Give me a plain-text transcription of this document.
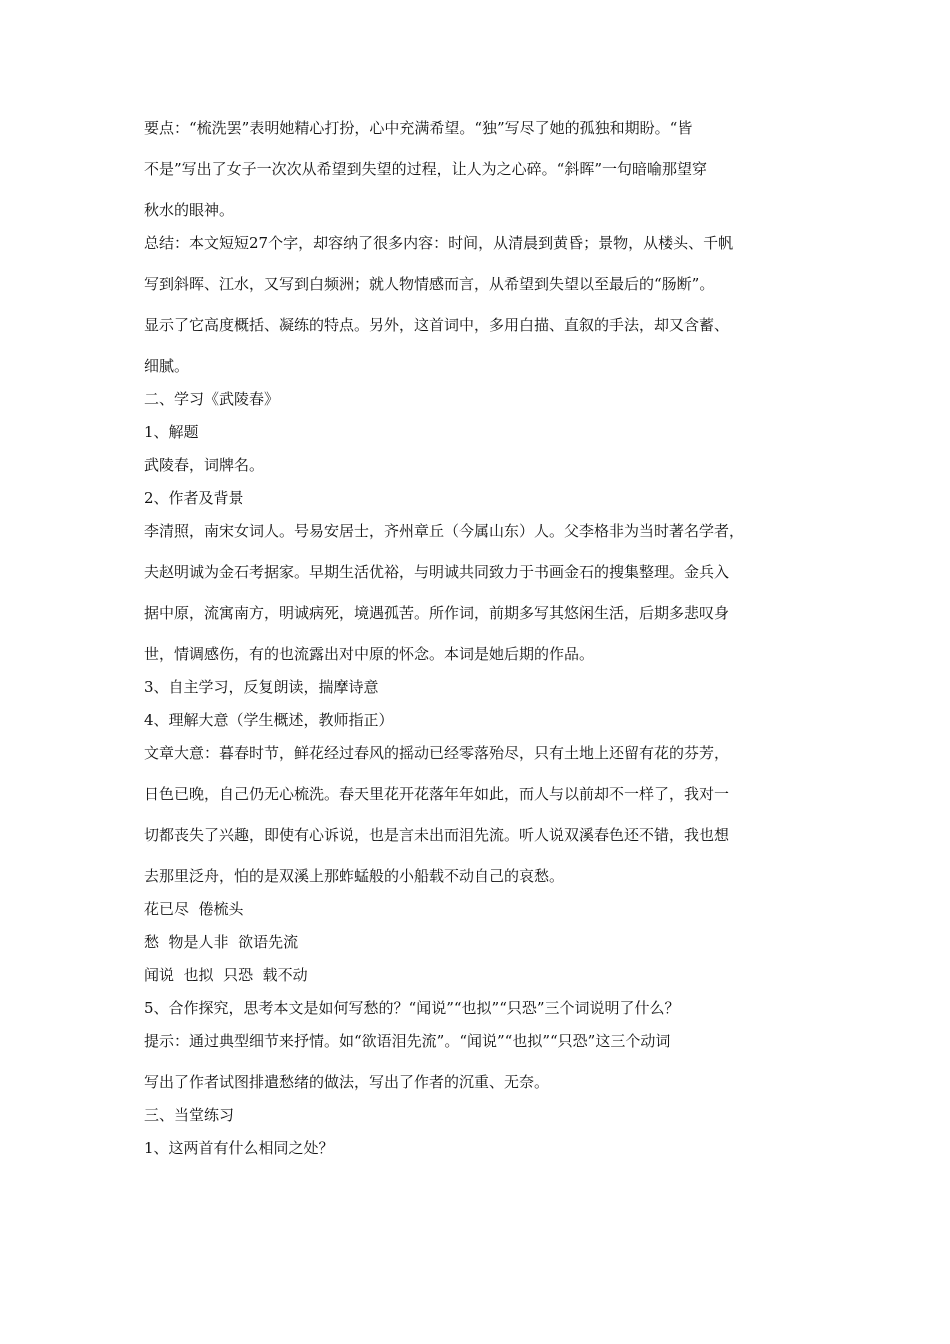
要点：“梳洗罢”表明她精心打扮，心中充满希望。“独”写尽了她的孤独和期盼。“皆

不是”写出了女子一次次从希望到失望的过程，让人为之心碎。“斜晖”一句暗喻那望穿

秋水的眼神。

总结：本文短短27个字，却容纳了很多内容：时间，从清晨到黄昏；景物，从楼头、千帆

写到斜晖、江水，又写到白频洲；就人物情感而言，从希望到失望以至最后的“肠断”。

显示了它高度概括、凝练的特点。另外，这首词中，多用白描、直叙的手法，却又含蓄、

细腻。

二、学习《武陵春》

1、解题

武陵春，词牌名。

2、作者及背景

李清照，南宋女词人。号易安居士，齐州章丘（今属山东）人。父李格非为当时著名学者，

夫赵明诚为金石考据家。早期生活优裕，与明诚共同致力于书画金石的搜集整理。金兵入

据中原，流寓南方，明诚病死，境遇孤苦。所作词，前期多写其悠闲生活，后期多悲叹身

世，情调感伤，有的也流露出对中原的怀念。本词是她后期的作品。

3、自主学习，反复朗读，揣摩诗意

4、理解大意（学生概述，教师指正）

文章大意：暮春时节，鲜花经过春风的摇动已经零落殆尽，只有土地上还留有花的芬芳，

日色已晚，自己仍无心梳洗。春天里花开花落年年如此，而人与以前却不一样了，我对一

切都丧失了兴趣，即使有心诉说，也是言未出而泪先流。听人说双溪春色还不错，我也想

去那里泛舟，怕的是双溪上那蚱蜢般的小船载不动自己的哀愁。

花已尽  倦梳头

愁  物是人非  欲语先流

闻说  也拟  只恐  载不动

5、合作探究，思考本文是如何写愁的？“闻说”“也拟”“只恐”三个词说明了什么？

提示：通过典型细节来抒情。如“欲语泪先流”。“闻说”“也拟”“只恐”这三个动词

写出了作者试图排遣愁绪的做法，写出了作者的沉重、无奈。

三、当堂练习

1、这两首有什么相同之处？
